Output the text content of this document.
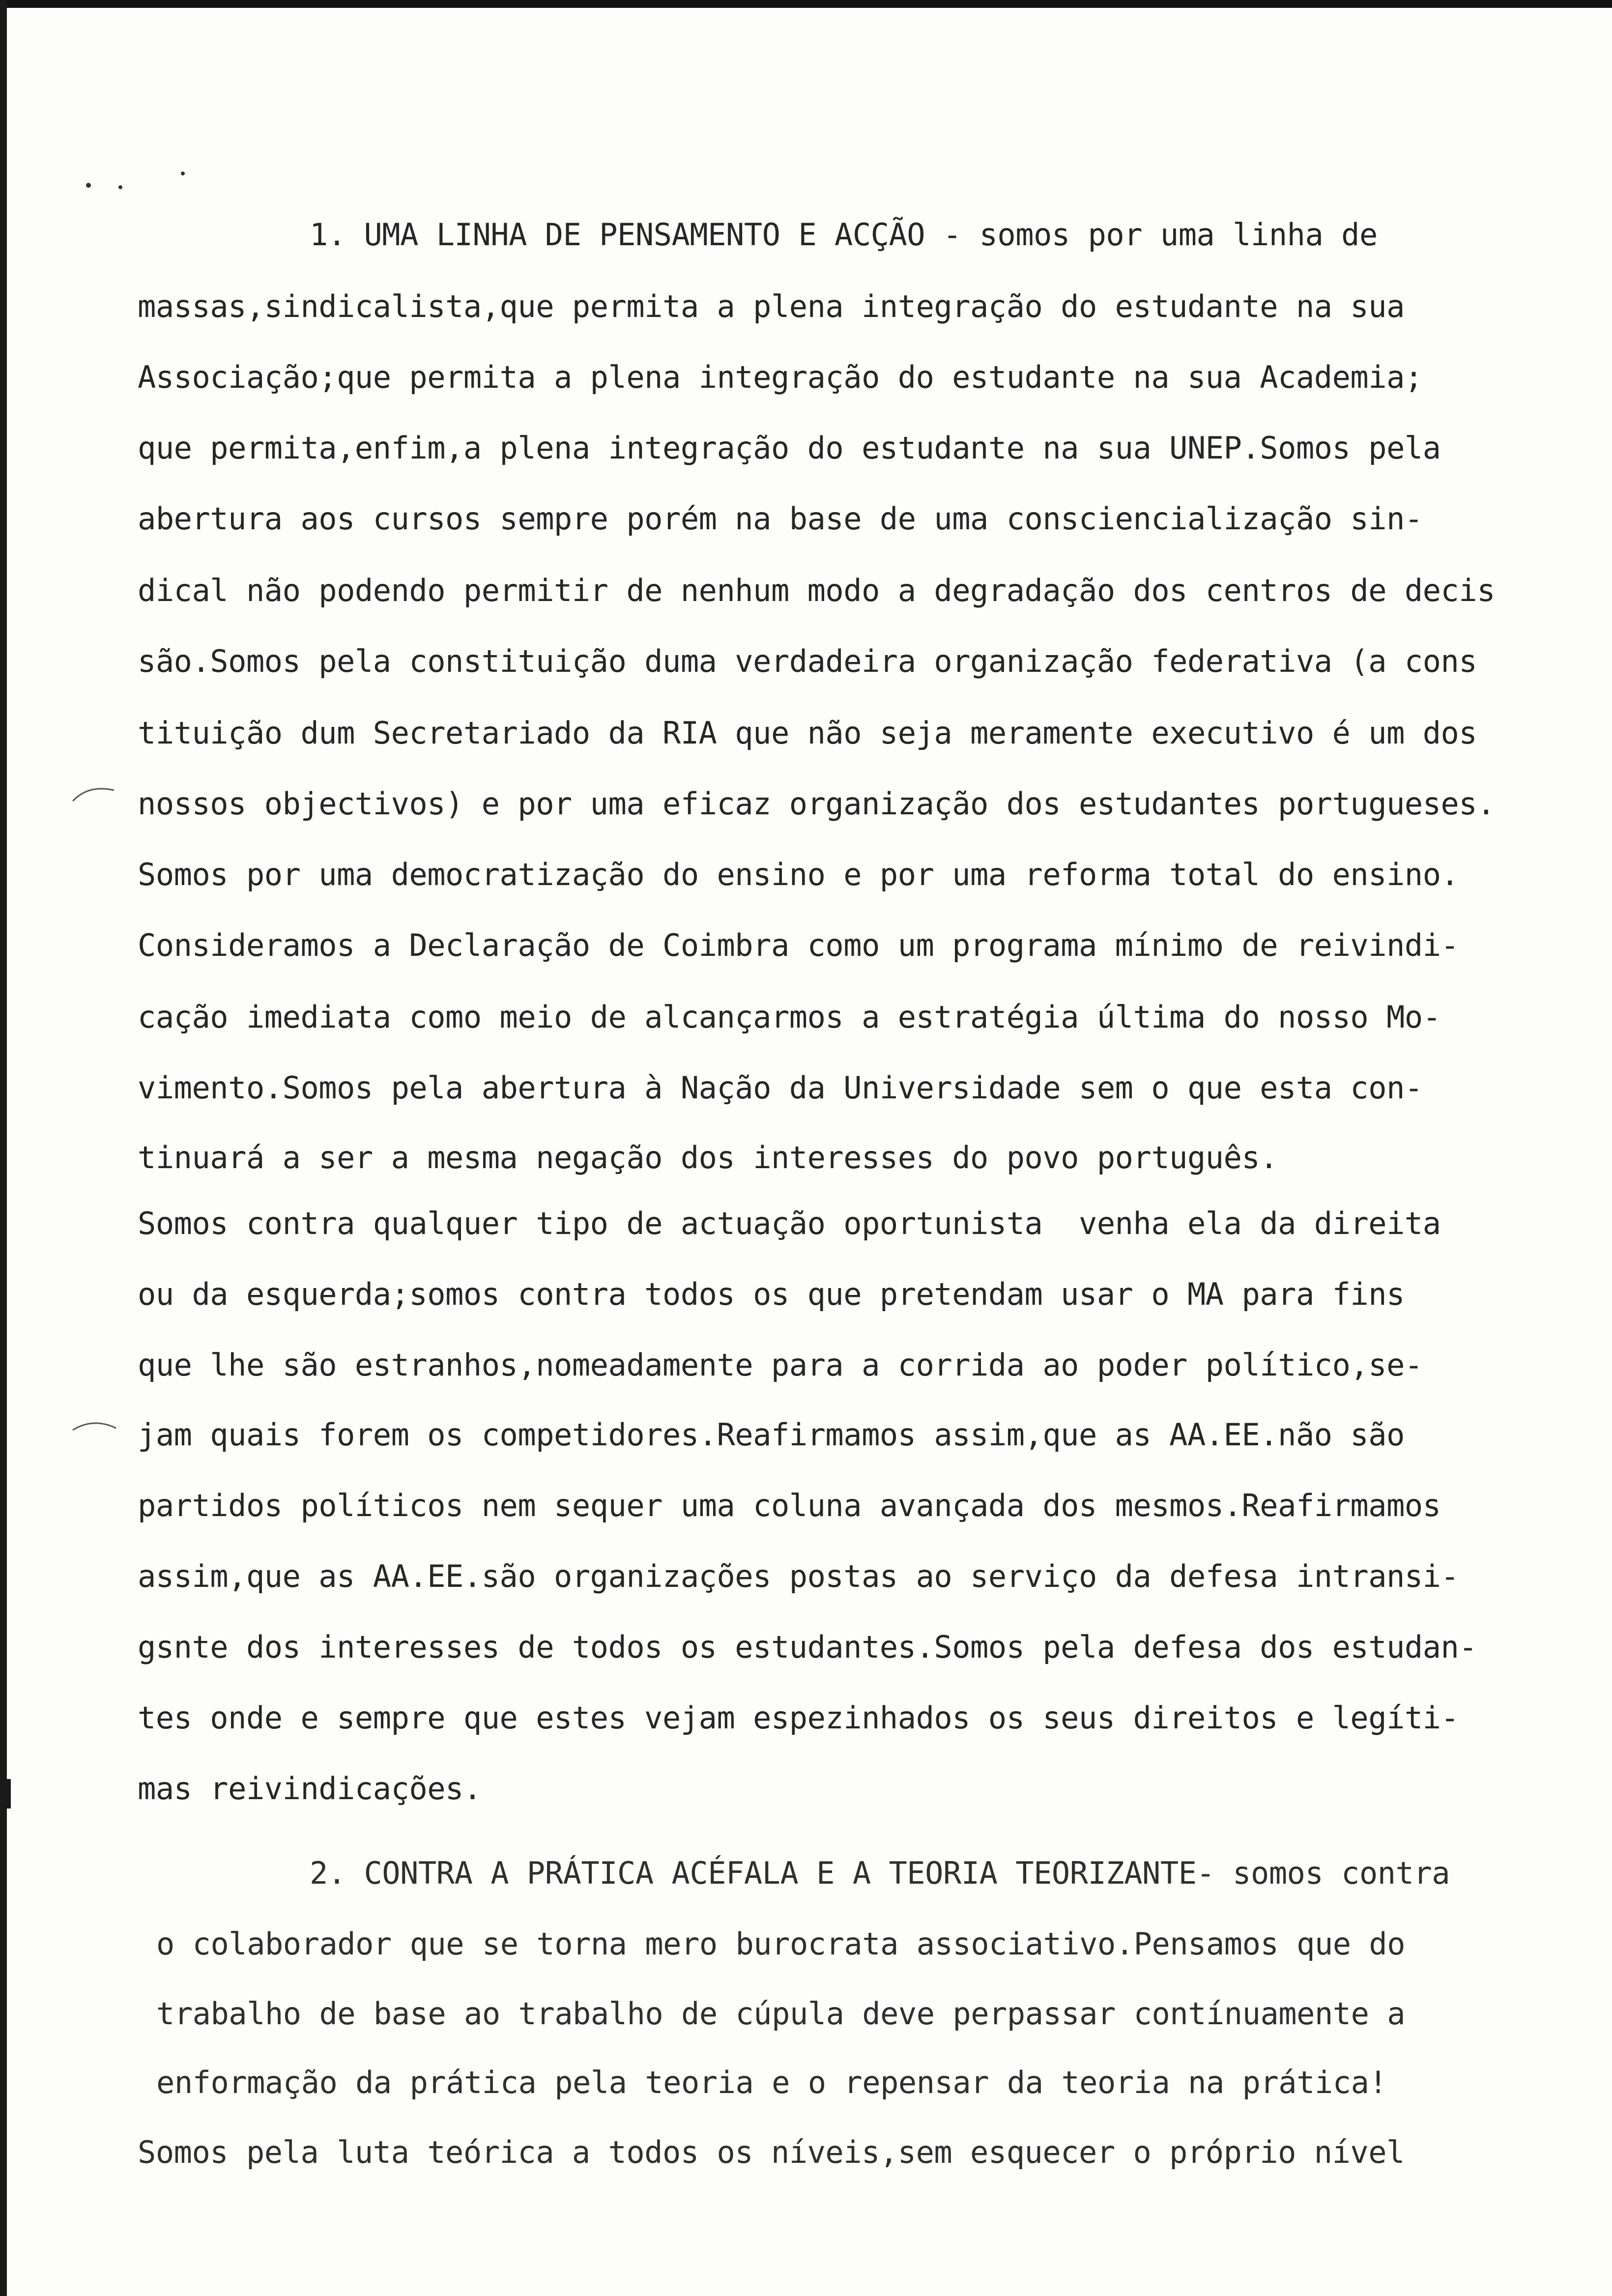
1. UMA LINHA DE PENSAMENTO E ACÇÃO - somos por uma linha de

massas,sindicalista,que permita a plena integração do estudante na sua

Associação;que permita a plena integração do estudante na sua Academia;

que permita,enfim,a plena integração do estudante na sua UNEP.Somos pela

abertura aos cursos sempre porém na base de uma consciencialização sin-

dical não podendo permitir de nenhum modo a degradação dos centros de decis

são.Somos pela constituição duma verdadeira organização federativa (a cons

tituição dum Secretariado da RIA que não seja meramente executivo é um dos

nossos objectivos) e por uma eficaz organização dos estudantes portugueses.

Somos por uma democratização do ensino e por uma reforma total do ensino.

Consideramos a Declaração de Coimbra como um programa mínimo de reivindi-

cação imediata como meio de alcançarmos a estratégia última do nosso Mo-

vimento.Somos pela abertura à Nação da Universidade sem o que esta con-

tinuará a ser a mesma negação dos interesses do povo português.

Somos contra qualquer tipo de actuação oportunista  venha ela da direita

ou da esquerda;somos contra todos os que pretendam usar o MA para fins

que lhe são estranhos,nomeadamente para a corrida ao poder político,se-

jam quais forem os competidores.Reafirmamos assim,que as AA.EE.não são

partidos políticos nem sequer uma coluna avançada dos mesmos.Reafirmamos

assim,que as AA.EE.são organizações postas ao serviço da defesa intransi-

gsnte dos interesses de todos os estudantes.Somos pela defesa dos estudan-

tes onde e sempre que estes vejam espezinhados os seus direitos e legíti-

mas reivindicações.

2. CONTRA A PRÁTICA ACÉFALA E A TEORIA TEORIZANTE- somos contra

o colaborador que se torna mero burocrata associativo.Pensamos que do

trabalho de base ao trabalho de cúpula deve perpassar contínuamente a

enformação da prática pela teoria e o repensar da teoria na prática!

Somos pela luta teórica a todos os níveis,sem esquecer o próprio nível
